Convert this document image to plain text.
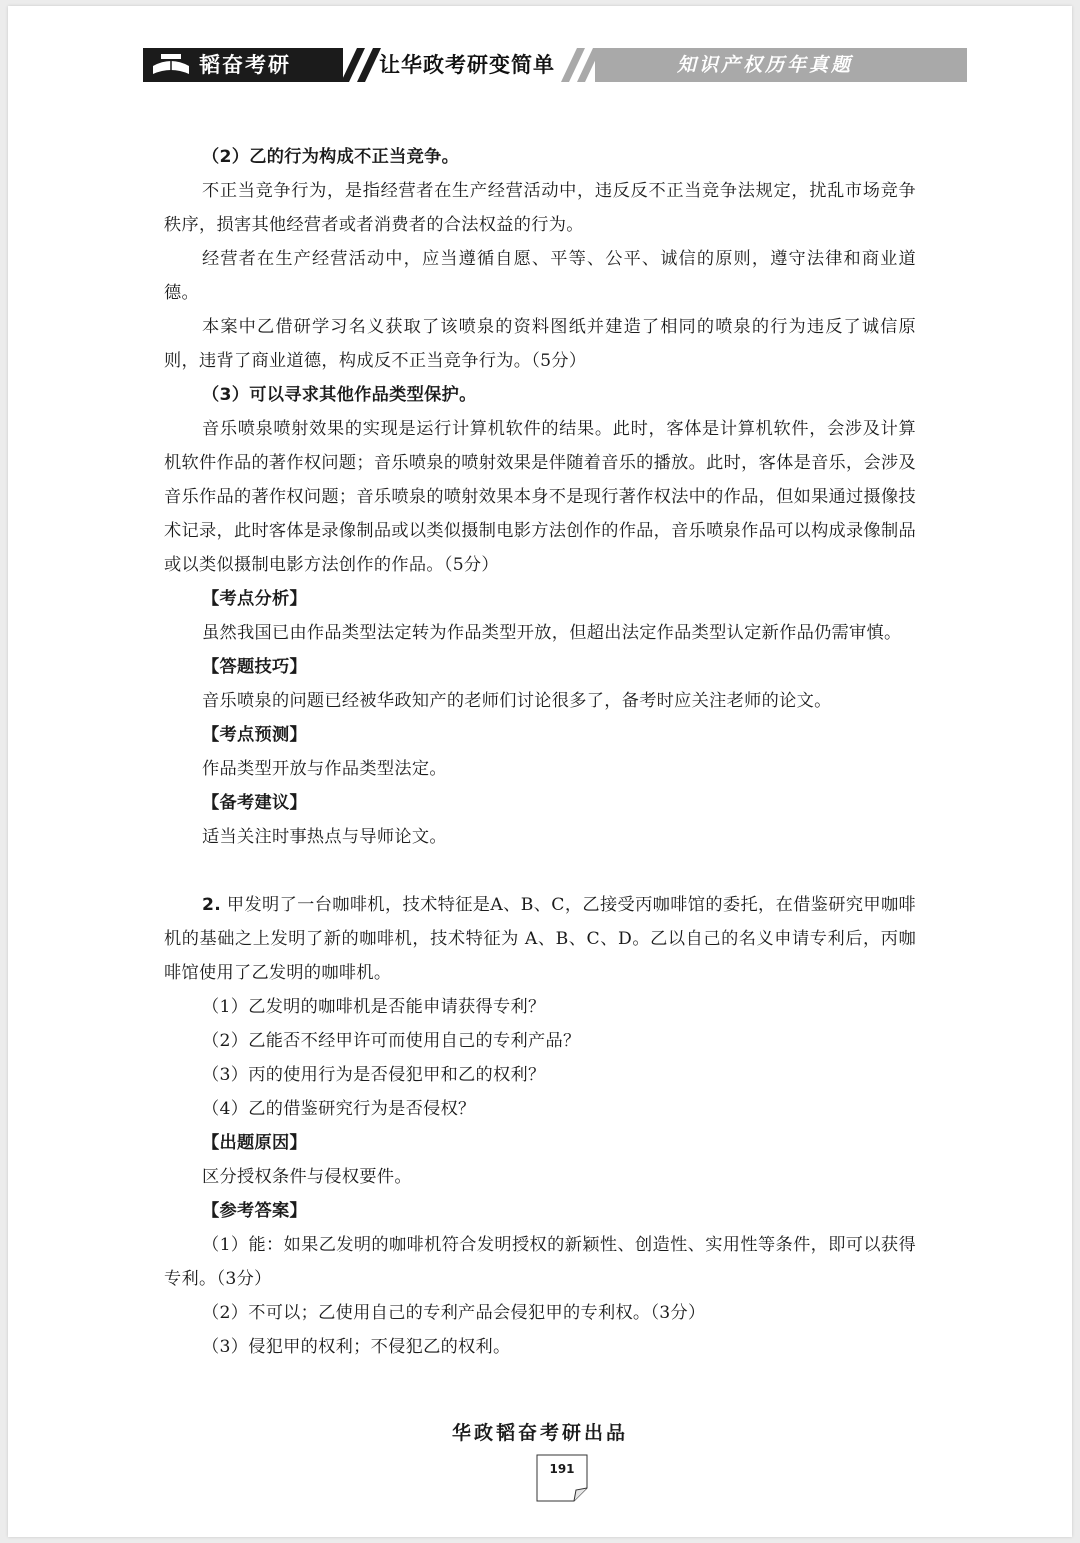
韬奋考研	让华政考研变简单	知识产权历年真题

（2）乙的行为构成不正当竞争。

不正当竞争行为，是指经营者在生产经营活动中，违反反不正当竞争法规定，扰乱市场竞争秩序，损害其他经营者或者消费者的合法权益的行为。

经营者在生产经营活动中，应当遵循自愿、平等、公平、诚信的原则，遵守法律和商业道德。

本案中乙借研学习名义获取了该喷泉的资料图纸并建造了相同的喷泉的行为违反了诚信原则，违背了商业道德，构成反不正当竞争行为。（5分）

（3）可以寻求其他作品类型保护。

音乐喷泉喷射效果的实现是运行计算机软件的结果。此时，客体是计算机软件，会涉及计算机软件作品的著作权问题；音乐喷泉的喷射效果是伴随着音乐的播放。此时，客体是音乐，会涉及音乐作品的著作权问题；音乐喷泉的喷射效果本身不是现行著作权法中的作品，但如果通过摄像技术记录，此时客体是录像制品或以类似摄制电影方法创作的作品，音乐喷泉作品可以构成录像制品或以类似摄制电影方法创作的作品。（5分）

【考点分析】

虽然我国已由作品类型法定转为作品类型开放，但超出法定作品类型认定新作品仍需审慎。

【答题技巧】

音乐喷泉的问题已经被华政知产的老师们讨论很多了，备考时应关注老师的论文。

【考点预测】

作品类型开放与作品类型法定。

【备考建议】

适当关注时事热点与导师论文。

2. 甲发明了一台咖啡机，技术特征是A、B、C，乙接受丙咖啡馆的委托，在借鉴研究甲咖啡机的基础之上发明了新的咖啡机，技术特征为 A、B、C、D。乙以自己的名义申请专利后，丙咖啡馆使用了乙发明的咖啡机。

（1）乙发明的咖啡机是否能申请获得专利？

（2）乙能否不经甲许可而使用自己的专利产品？

（3）丙的使用行为是否侵犯甲和乙的权利？

（4）乙的借鉴研究行为是否侵权？

【出题原因】

区分授权条件与侵权要件。

【参考答案】

（1）能：如果乙发明的咖啡机符合发明授权的新颖性、创造性、实用性等条件，即可以获得专利。（3分）

（2）不可以；乙使用自己的专利产品会侵犯甲的专利权。（3分）

（3）侵犯甲的权利；不侵犯乙的权利。

华政韬奋考研出品
191
